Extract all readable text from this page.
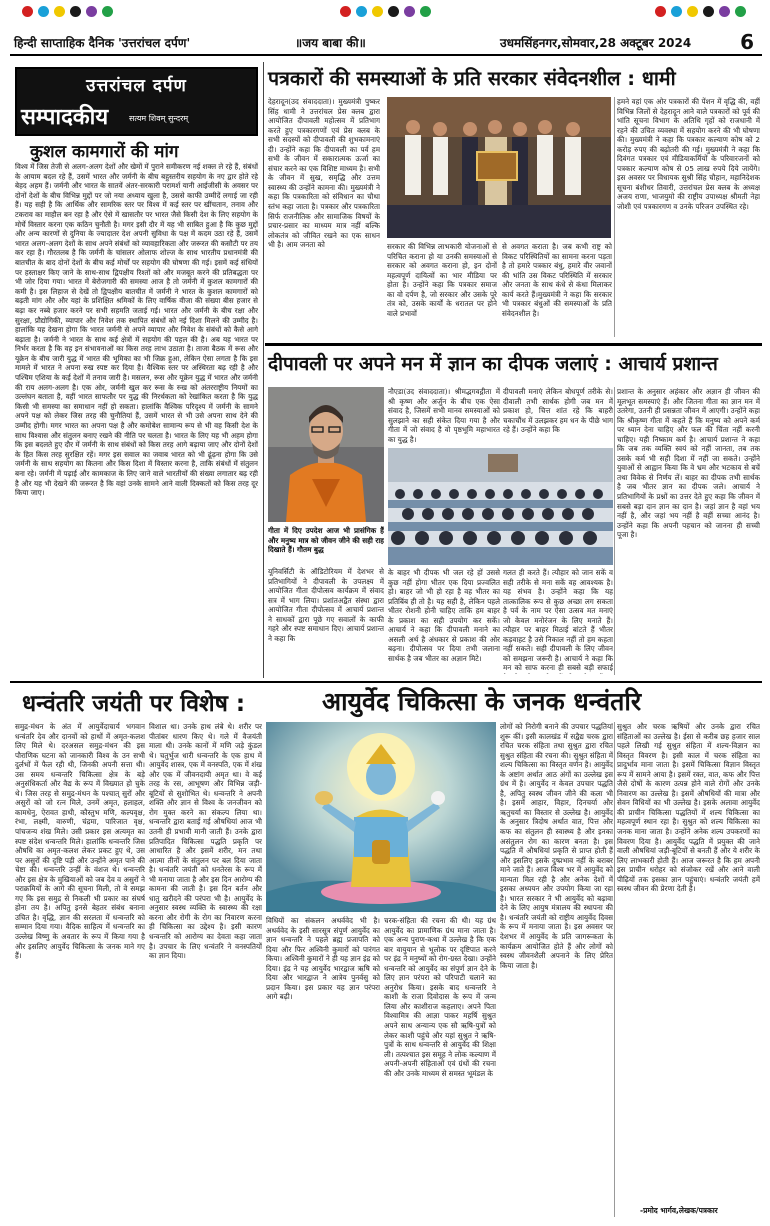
हिन्दी साप्ताहिक दैनिक 'उत्तरांचल दर्पण'	॥जय बाबा की॥	उधमसिंहनगर,सोमवार,28 अक्टूबर 2024 6
उत्तरांचल दर्पण
सम्पादकीय	सत्यम शिवम् सुन्दरम्
कुशल कामगारों की मांग
विश्व में जिस तेजी से अलग-अलग देशों और खेमों में पुराने समीकरण नई शक्ल ले रहे हैं, संबंधों के आयाम बदल रहे हैं, उसमें भारत और जर्मनी के बीच बहुस्तरीय सहयोग के नए द्वार होते रहे बेहद अहम हैं। जर्मनी और भारत के सातवें अंतर-सरकारी परामर्श यानी आईजीसी के अवसर पर दोनों देशों के बीच विभिन्न मुद्दों पर जो नया अध्याय खुला है, उससे काफी उम्मीदें लगाई जा रही हैं। यह सही है कि आर्थिक और सामरिक स्तर पर विश्व में कई स्तर पर खींचतान, तनाव और टकराव का माहौल बन रहा है और ऐसे में खासतौर पर भारत जैसे किसी देश के लिए सहयोग के मोर्चे विस्तार करना एक कठिन चुनौती है। मगर इसी दौर में यह भी साबित हुआ है कि कुछ मुद्दों और अन्य कारणों से दुनिया के ज्यादातर देश अपनी सुविधा के पक्ष में कदम उठा रहे हैं, उसमें भारत अलग-अलग देशों के साथ अपने संबंधों को व्यावहारिकता और जरूरत की कसौटी पर तय कर रहा है। गौरतलब है कि जर्मनी के चांसलर ओलाफ शोल्ज के साथ भारतीय प्रधानमंत्री की बातचीत के बाद दोनों देशों के बीच कई मोर्चों पर सहयोग की घोषणा की गई। इसमें कई संधियों पर हस्ताक्षर किए जाने के साथ-साथ द्विपक्षीय रिश्तों को और मजबूत करने की प्रतिबद्धता पर भी जोर दिया गया। भारत में बेरोजगारी की समस्या आज है तो जर्मनी में कुशल कामगारों की कमी है। इस लिहाज से देखें तो द्विपक्षीय बातचीत में जर्मनी ने भारत के कुशल कामगारों को बढ़ती मांग और और यहां के प्रशिक्षित श्रमिकों के लिए वार्षिक वीजा की संख्या बीस हजार से बढ़ा कर नब्बे हजार करने पर सभी सहमति जताई गई। भारत और जर्मनी के बीच रक्षा और सुरक्षा, प्रौद्योगिकी, व्यापार और निवेश तक स्थापित संबंधों को नई दिशा मिलने की उम्मीद है। हालांकि यह देखना होगा कि भारत जर्मनी से अपने व्यापार और निवेश के संबंधों को कैसे आगे बढ़ाता है। जर्मनी ने भारत के साथ कई क्षेत्रों में सहयोग की पहल की है। अब यह भारत पर निर्भर करता है कि वह इन संभावनाओं का किस तरह लाभ उठाता है। ताजा बैठक में रूस और यूक्रेन के बीच जारी युद्ध में भारत की भूमिका का भी जिक्र हुआ, लेकिन ऐसा लगता है कि इस मामले में भारत ने अपना रुख स्पष्ट कर दिया है। वैश्विक स्तर पर अस्थिरता बढ़ रही है और पश्चिम एशिया के कई देशों में तनाव जारी है। मसलन, रूस और यूक्रेन युद्ध में भारत और जर्मनी की राय अलग-अलग है। एक ओर, जर्मनी खुल कर रूस के रुख को अंतरराष्ट्रीय नियमों का उल्लंघन बताता है, वहीं भारत साफतौर पर युद्ध की निरर्थकता को रेखांकित करता है कि युद्ध किसी भी समस्या का समाधान नहीं हो सकता। हालांकि वैश्विक परिदृश्य में जर्मनी के सामने अपने पक्ष को लेकर जिस तरह की चुनौतियां हैं, उसमें भारत से भी उसे अपना साथ देने की उम्मीद होगी। मगर भारत का अपना पक्ष है और कमोबेश सामान्य रूप से भी वह किसी देश के साथ विश्वास और संतुलन बनाए रखने की नीति पर चलता है। भारत के लिए यह भी अहम होगा कि इस बदलते हुए दौर में जर्मनी के साथ संबंधों को किस तरह आगे बढ़ाया जाए और दोनों देशों के हित किस तरह सुरक्षित रहें। मगर इस सवाल का जवाब भारत को भी ढूंढ़ना होगा कि उसे जर्मनी के साथ सहयोग का कितना और किस दिशा में विस्तार करना है, ताकि संबंधों में संतुलन बना रहे। जर्मनी में पढ़ाई और कामकाज के लिए जाने वाले भारतीयों की संख्या लगातार बढ़ रही है और यह भी देखने की जरूरत है कि वहां उनके सामने आने वाली दिक्कतों को किस तरह दूर किया जाए।
पत्रकारों की समस्याओं के प्रति सरकार संवेदनशील : धामी
देहरादून(उद संवाददाता)। मुख्यमंत्री पुष्कर सिंह धामी ने उत्तरांचल प्रेस क्लब द्वारा आयोजित दीपावली महोत्सव में प्रतिभाग करते हुए पत्रकारगणों एवं प्रेस क्लब के सभी सदस्यों को दीपावली की शुभकामनाएं दी। उन्होंने कहा कि दीपावली का पर्व हम सभी के जीवन में सकारात्मक ऊर्जा का संचार करने का एक विशिष्ट माध्यम है। सभी के जीवन में सुख, समृद्धि और उत्तम स्वास्थ्य की उन्होंने कामना की। मुख्यमंत्री ने कहा कि पत्रकारिता को संविधान का चौथा स्तंभ कहा जाता है। पत्रकार और पत्रकारिता सिर्फ राजनीतिक और सामाजिक विषयों के प्रचार-प्रसार का माध्यम मात्र नहीं बल्कि लोकतंत्र को जीवित रखने का एक साधन भी है। आम जनता को	सरकार की विभिन्न लाभकारी योजनाओं से परिचित कराना हो या उनकी समस्याओं से सरकार को अवगत कराना हो, इन दोनों महत्वपूर्ण दायित्वों का भार मीडिया पर होता है। उन्होंने कहा कि पत्रकार समाज का वो दर्पण है, जो सरकार और उसके पूरे तंत्र को, उसके कार्यों के धरातल पर होने वाले प्रभावों
से अवगत कराता है। जब कभी राष्ट्र को विकट परिस्थितियों का सामना करना पड़ता है तो हमारे पत्रकार बंधु, हमारे वीर जवानों की भांति उस विकट परिस्थिति में सरकार और जनता के साथ कंधे से कंधा मिलाकर कार्य करते हैं।मुख्यमंत्री ने कहा कि सरकार भी पत्रकार बंधुओं की समस्याओं के प्रति संवेदनशील है।
हमने वहां एक ओर पत्रकारों की पेंशन में वृद्धि की, वहीं विभिन्न जिलों से देहरादून आने वाले पत्रकारों को पूर्व की भांति सूचना विभाग के अतिथि गृहों को राजधानी में रहने की उचित व्यवस्था में सहयोग करने की भी घोषणा की। मुख्यमंत्री ने कहा कि पत्रकार कल्याण कोष को 2 करोड़ रुपए की बढ़ोतरी की गई। मुख्यमंत्री ने कहा कि दिवंगत पत्रकार एवं मीडियाकर्मियों के परिवारजनों को पत्रकार कल्याण कोष से 05 लाख रुपये दिये जायेंगे। इस अवसर पर विधायक सुश्री सिंह चौहान, महानिदेशक सूचना बंशीधर तिवारी, उत्तरांचल प्रेस क्लब के अध्यक्ष अजय राणा, भाजयुमो की राष्ट्रीय उपाध्यक्ष श्रीमती नेहा जोशी एवं पत्रकारगण व उनके परिजन उपस्थित रहे।
दीपावली पर अपने मन में ज्ञान का दीपक जलाएं : आचार्य प्रशान्त
गीता में दिए उपदेश आज भी प्रासंगिक हैं और मनुष्य मात्र को जीवन जीने की सही राह दिखाते हैं। गौतम बुद्ध
यूनिवर्सिटी के ऑडिटोरियम में देशभर से प्रतिभागियों ने दीपावली के उपलक्ष्य में आयोजित गीता दीपोत्सव कार्यक्रम में संवाद सत्र में भाग लिया। प्रशांतअद्वैत संस्था द्वारा आयोजित गीता दीपोत्सव में आचार्य प्रशान्त ने साधकों द्वारा पूछे गए सवालों के काफी गहरे और स्पष्ट समाधान दिए। आचार्य प्रशान्त ने कहा कि
नौएडा(उद संवाददाता)। श्रीमद्भगवद्गीता में श्री कृष्ण और अर्जुन के बीच एक ऐसा संवाद है, जिसमें सभी मानव समस्याओं को सुलझाने का सही संकेत दिया गया है और गीता में जो संवाद है वो पृष्ठभूमि महाभारत का युद्ध है।
दीपावली मनाएं लेकिन बोधपूर्ण तरीके से। दीवाली तभी सार्थक होगी जब मन में प्रकाश हो, चित्त शांत रहे कि बाहरी चकाचौंध में उलझकर हम धन के पीछे भाग रहे हैं। उन्होंने कहा कि
के बाहर भी दीपक भी जल रहे हों उससे कुछ नहीं होगा भीतर एक दिया प्रज्वलित हो। बाहर जो भी हो रहा है वह भीतर का प्रतिबिंब ही तो है। यह सही है, लेकिन पहले भीतर रोशनी होनी चाहिए ताकि हम बाहर के प्रकाश का सही उपयोग कर सकें। आचार्य ने कहा कि दीपावली मनाने का असली अर्थ है अंधकार से प्रकाश की ओर बढ़ना। दीपोत्सव पर दिया तभी जलाना सार्थक है जब भीतर का अज्ञान मिटे।
गलत ही करते हैं। त्यौहार को जान सकें व सही तरीके से मना सकें वह आवश्यक है। यह संभव है। उन्होंने कहा कि यह तात्कालिक रूप से कुछ अच्छा लग सकता है पर्व के नाम पर ऐसा उत्सव मत मनाएं जो केवल मनोरंजन के लिए मनाते हैं। त्यौहार पर बाहर मिठाई बांटते हैं भीतर कड़वाहट है उसे निकाल नहीं तो हम कहता नहीं सकते। सही दीपावली के लिए जीवन को समझना जरूरी है। आचार्य ने कहा कि मन को साफ करना ही सबसे बड़ी सफाई
प्रशान्त के अनुसार अहंकार और अज्ञान ही जीवन की मूलभूत समस्याएं हैं। और जितना गीता का ज्ञान मन में उतरेगा, उतनी ही प्रसन्नता जीवन में आएगी। उन्होंने कहा कि श्रीकृष्ण गीता में कहते हैं कि मनुष्य को अपने कर्म पर ध्यान देना चाहिए और फल की चिंता नहीं करनी चाहिए। यही निष्काम कर्म है। आचार्य प्रशान्त ने कहा कि जब तक व्यक्ति स्वयं को नहीं जानता, तब तक उसके कर्म भी सही दिशा में नहीं जा सकते। उन्होंने युवाओं से आह्वान किया कि वे भ्रम और भटकाव से बचें तथा विवेक से निर्णय लें। बाहर का दीपक तभी सार्थक है जब भीतर ज्ञान का दीपक जले। आचार्य ने प्रतिभागियों के प्रश्नों का उत्तर देते हुए कहा कि जीवन में सबसे बड़ा दान ज्ञान का दान है। जहां ज्ञान है वहां भय नहीं है, और जहां भय नहीं है वहीं सच्चा आनंद है। उन्होंने कहा कि अपनी पहचान को जानना ही सच्ची पूजा है।
धन्वंतरि जयंती पर विशेष :	आयुर्वेद चिकित्सा के जनक धन्वंतरि
समुद्र-मंथन के अंत में आयुर्वेदाचार्य भगवान धन्वंतरि देव और दानवों को हाथों में अमृत-कलश लिए मिले थे। दरअसल समुद्र-मंथन की इस पौराणिक घटना को जानकारी विश्व के उन सभी दुर्लभों में फैल रही थी, जिनकी अपनी सत्ता थी। उस समय धन्वन्तरि चिकित्सा क्षेत्र के बड़े अनुसंधिकर्ता और वैद्य के रूप में विख्यात हो चुके थे। जिस तरह से समुद्र-मंथन के पश्चात् सुरों और असुरों को जो रत्न मिले, उनमें अमृत, हलाहल, कामधेनु, ऐरावत हाथी, कौस्तुभ मणि, कल्पवृक्ष, रंभा, लक्ष्मी, वारुणी, चंद्रमा, पारिजात वृक्ष, पांचजन्य शंख मिले। उसी प्रकार इस अत्यमृत का स्पष्ट संदेश धन्वन्तरि मिले। हालांकि धन्वन्तरि जिस औषधि का अमृत-कलश लेकर प्रकट हुए थे, उस पर असुरों की दृष्टि पड़ी और उन्होंने अमृत पाने की चेष्टा की। धन्वन्तरि उन्हीं के वंशज थे। धन्वन्तरि और इस क्षेत्र के मुखियाओं को जब देव व असुरों ने पराक्रमियों के आगे की सूचना मिली, तो वे समझ गए कि इस समुद्र से निकली भी प्रकार का संघर्ष होना तय है। अपितु इनसे बेहतर संबंध बनाना उचित है। वृद्धि, ज्ञान की सरलता में धन्वन्तरि को सम्मान दिया गया। वैदिक साहित्य में धन्वन्तरि का उल्लेख विष्णु के अवतार के रूप में किया गया है और इसलिए आयुर्वेद चिकित्सा के जनक माने गए हैं।
विशाल था। उनके हाथ लंबे थे। शरीर पर पीतांबर धारण किए थे। गले में वैजयंती माला थी। उनके कानों में मणि जड़े कुंडल थे। चतुर्भुज धारी धन्वन्तरि के एक हाथ में आयुर्वेद शास्त्र, एक में वनस्पति, एक में शंख और एक में जीवनदायी अमृत था। वे कई तरह के रस, आभूषण और विभिन्न जड़ी-बूटियों से सुशोभित थे। धन्वन्तरि ने अपनी शक्ति और ज्ञान से विश्व के जनजीवन को रोग मुक्त करने का संकल्प लिया था। धन्वन्तरि द्वारा बताई गई औषधियां आज भी उतनी ही प्रभावी मानी जाती हैं। उनके द्वारा प्रतिपादित चिकित्सा पद्धति प्रकृति पर आधारित है और इसमें शरीर, मन तथा आत्मा तीनों के संतुलन पर बल दिया जाता है। धन्वंतरि जयंती को धनतेरस के रूप में भी मनाया जाता है और इस दिन आरोग्य की कामना की जाती है। इस दिन बर्तन और धातु खरीदने की परंपरा भी है। आयुर्वेद के अनुसार स्वस्थ व्यक्ति के स्वास्थ्य की रक्षा करना और रोगी के रोग का निवारण करना ही चिकित्सा का उद्देश्य है। इसी कारण धन्वन्तरि को आरोग्य का देवता कहा जाता है। उपचार के लिए धन्वंतरि ने वनस्पतियों का ज्ञान दिया।
विधियों का संकलन अथर्ववेद भी है। अथर्ववेद के इसी सारसूत्र संपूर्ण आयुर्वेद का ज्ञान धन्वन्तरि ने पहले ब्रह्म प्रजापति को दिया और फिर अश्विनी कुमारों को पारंगत किया। अश्विनी कुमारों ने ही यह ज्ञान इंद्र को दिया। इंद्र ने यह आयुर्वेद भारद्वाज ऋषि को दिया और भारद्वाज ने आत्रेय पुनर्वसु को प्रदान किया। इस प्रकार यह ज्ञान परंपरा आगे बढ़ी।
चरक-संहिता की रचना की थी। यह ग्रंथ आयुर्वेद का प्रामाणिक ग्रंथ माना जाता है। एक अन्य पुराण-कथा में उल्लेख है कि एक बार वायुयान से भूलोक पर दृष्टिपात करने पर इंद्र ने मनुष्यों को रोग-ग्रस्त देखा। उन्होंने धन्वन्तरि को आयुर्वेद का संपूर्ण ज्ञान देने के लिए ज्ञान परंपरा को परिपाटी चलाने का अनुरोध किया। इसके बाद धन्वन्तरि ने काशी के राजा दिवोदास के रूप में जन्म लिया और काशीराज कहलाए। अपने पिता विश्वामित्र की आज्ञा पाकर महर्षि सुश्रुत अपने साथ अन्यान्य एक सौ ऋषि-पुत्रों को लेकर काशी पहुंचे और यहां सुश्रुत ने ऋषि-पुत्रों के साथ धन्वन्तरि से आयुर्वेद की शिक्षा ली। तत्पश्चात इस समूह ने लोक कल्याण में अपनी-अपनी संहिताओं एवं ग्रंथों की रचना की और उनके माध्यम से समस्त भूमंडल के
लोगों को निरोगी बनाने की उपचार पद्धतियां शुरू कीं। इसी कालखंड में सद्वैद्य चरक द्वारा रचित चरक संहिता तथा सुश्रुत द्वारा रचित सुश्रुत संहिता की रचना की। सुश्रुत संहिता में शल्य चिकित्सा का विस्तृत वर्णन है। आयुर्वेद के अष्टांग अर्थात आठ अंगों का उल्लेख इस ग्रंथ में है। आयुर्वेद न केवल उपचार पद्धति है, अपितु स्वस्थ जीवन जीने की कला भी है। इसमें आहार, विहार, दिनचर्या और ऋतुचर्या का विस्तार से उल्लेख है। आयुर्वेद के अनुसार त्रिदोष अर्थात वात, पित्त और कफ का संतुलन ही स्वास्थ्य है और इनका असंतुलन रोग का कारण बनता है। इस पद्धति में औषधियां प्रकृति से प्राप्त होती हैं और इसलिए इसके दुष्प्रभाव नहीं के बराबर माने जाते हैं। आज विश्व भर में आयुर्वेद को मान्यता मिल रही है और अनेक देशों में इसका अध्ययन और उपयोग किया जा रहा है। भारत सरकार ने भी आयुर्वेद को बढ़ावा देने के लिए आयुष मंत्रालय की स्थापना की है। धन्वंतरि जयंती को राष्ट्रीय आयुर्वेद दिवस के रूप में मनाया जाता है। इस अवसर पर देशभर में आयुर्वेद के प्रति जागरूकता के कार्यक्रम आयोजित होते हैं और लोगों को स्वस्थ जीवनशैली अपनाने के लिए प्रेरित किया जाता है।
सुश्रुत और चरक ऋषियों और उनके द्वारा रचित संहिताओं का उल्लेख है। ईसा से करीब छह हजार साल पहले लिखी गई सुश्रुत संहिता में शल्य-विज्ञान का विस्तृत विवरण है। इसी काल में चरक संहिता का प्रादुर्भाव माना जाता है। इसमें चिकित्सा विज्ञान विस्तृत रूप में सामने आया है। इसमें रक्त, वात, कफ और पित्त जैसे दोषों के कारण उत्पन्न होने वाले रोगों और उनके निवारण का उल्लेख है। इसमें औषधियों की मात्रा और सेवन विधियों का भी उल्लेख है। इसके अलावा आयुर्वेद की प्राचीन चिकित्सा पद्धतियों में शल्य चिकित्सा का महत्वपूर्ण स्थान रहा है। सुश्रुत को शल्य चिकित्सा का जनक माना जाता है। उन्होंने अनेक शल्य उपकरणों का विवरण दिया है। आयुर्वेद पद्धति में प्रयुक्त की जाने वाली औषधियां जड़ी-बूटियों से बनती हैं और ये शरीर के लिए लाभकारी होती हैं। आज जरूरत है कि हम अपनी इस प्राचीन धरोहर को संजोकर रखें और आने वाली पीढ़ियों तक इसका ज्ञान पहुंचाएं। धन्वंतरि जयंती हमें स्वस्थ जीवन की प्रेरणा देती है।
-प्रमोद भार्गव,लेखक/पत्रकार
